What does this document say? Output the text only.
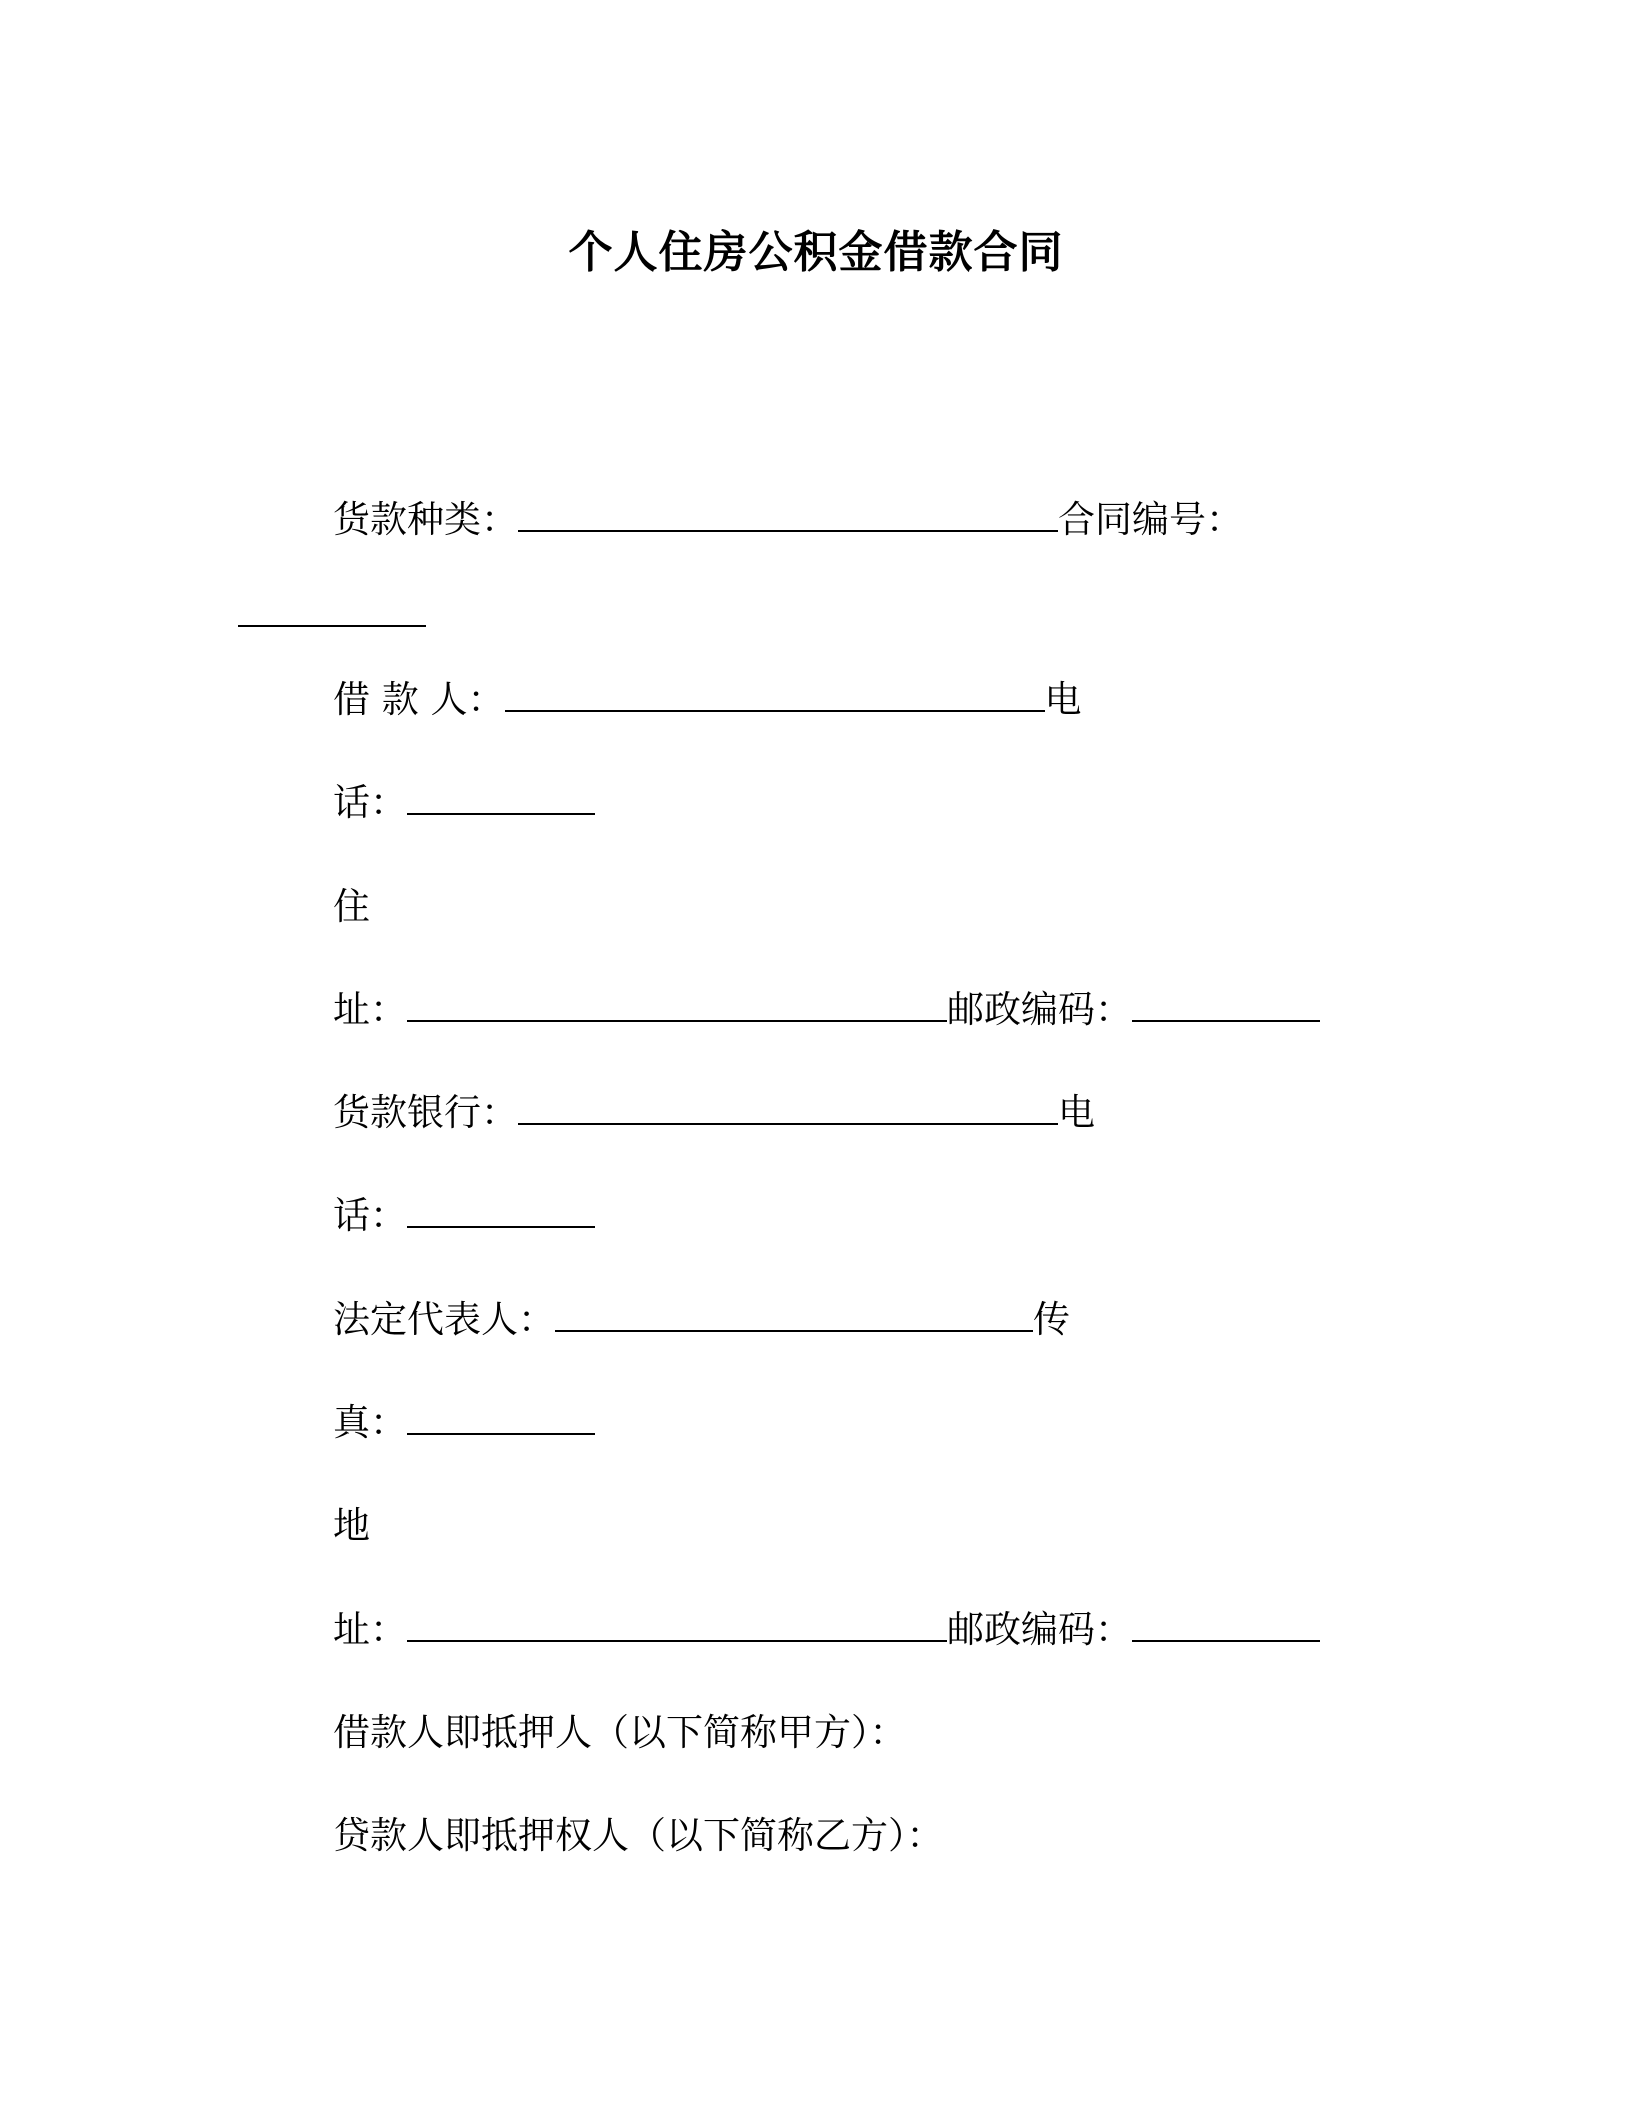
个人住房公积金借款合同
货款种类：	合同编号：
借 款 人：	电
话：
住
址：	邮政编码：
货款银行：	电
话：
法定代表人：	传
真：
地
址：	邮政编码：
借款人即抵押人（以下简称甲方）：
贷款人即抵押权人（以下简称乙方）：
